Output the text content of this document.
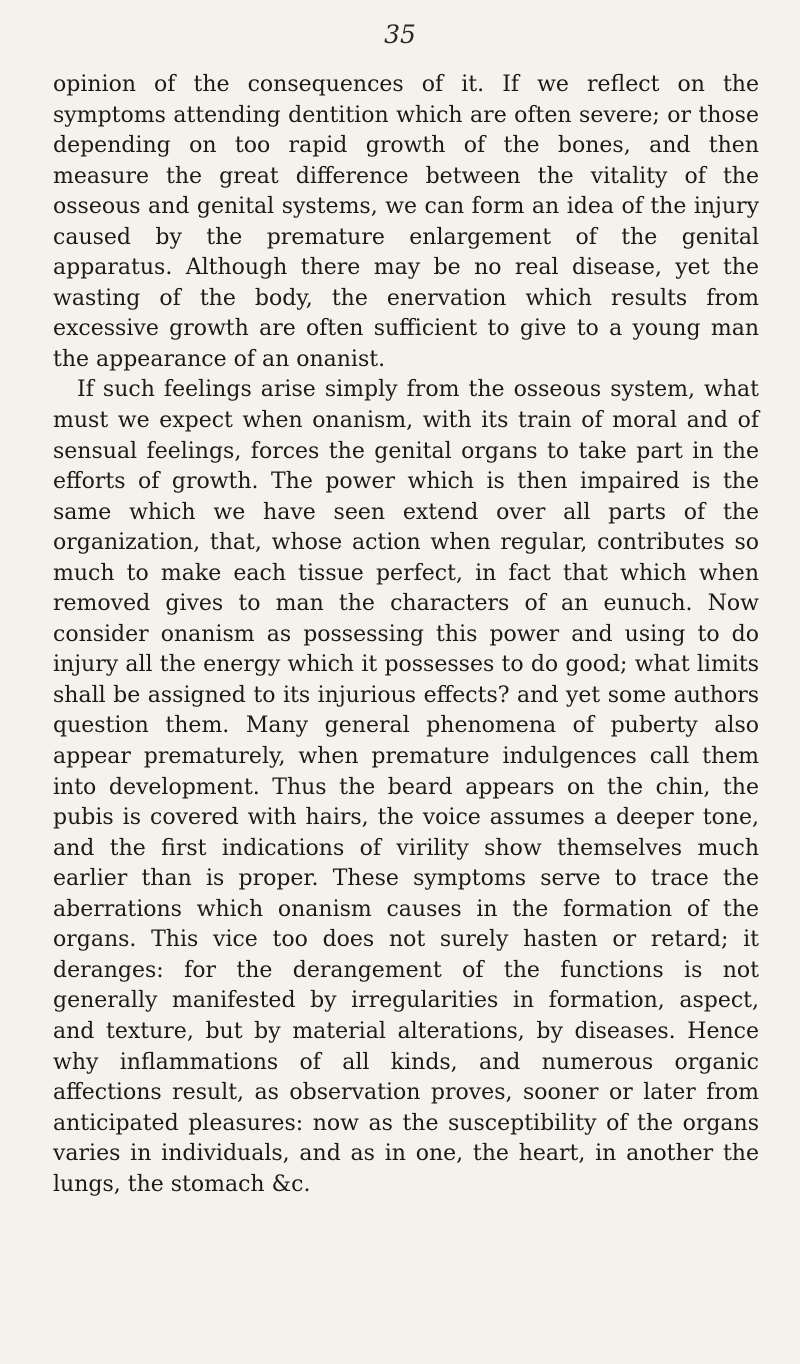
35

opinion of the consequences of it. If we reflect on the symptoms attending dentition which are often severe; or those depending on too rapid growth of the bones, and then measure the great difference between the vitality of the osseous and genital systems, we can form an idea of the injury caused by the premature enlargement of the genital apparatus. Although there may be no real disease, yet the wasting of the body, the enervation which results from excessive growth are often sufficient to give to a young man the appearance of an onanist.

If such feelings arise simply from the osseous system, what must we expect when onanism, with its train of moral and of sensual feelings, forces the genital organs to take part in the efforts of growth. The power which is then impaired is the same which we have seen extend over all parts of the organization, that, whose action when regular, contributes so much to make each tissue perfect, in fact that which when removed gives to man the characters of an eunuch. Now consider onanism as possessing this power and using to do injury all the energy which it possesses to do good; what limits shall be assigned to its injurious effects? and yet some authors question them. Many general phenomena of puberty also appear prematurely, when premature indulgences call them into development. Thus the beard appears on the chin, the pubis is covered with hairs, the voice assumes a deeper tone, and the first indications of virility show themselves much earlier than is proper. These symptoms serve to trace the aberrations which onanism causes in the formation of the organs. This vice too does not surely hasten or retard; it deranges: for the derangement of the functions is not generally manifested by irregularities in formation, aspect, and texture, but by material alterations, by diseases. Hence why inflammations of all kinds, and numerous organic affections result, as observation proves, sooner or later from anticipated pleasures: now as the susceptibility of the organs varies in individuals, and as in one, the heart, in another the lungs, the stomach &c.
